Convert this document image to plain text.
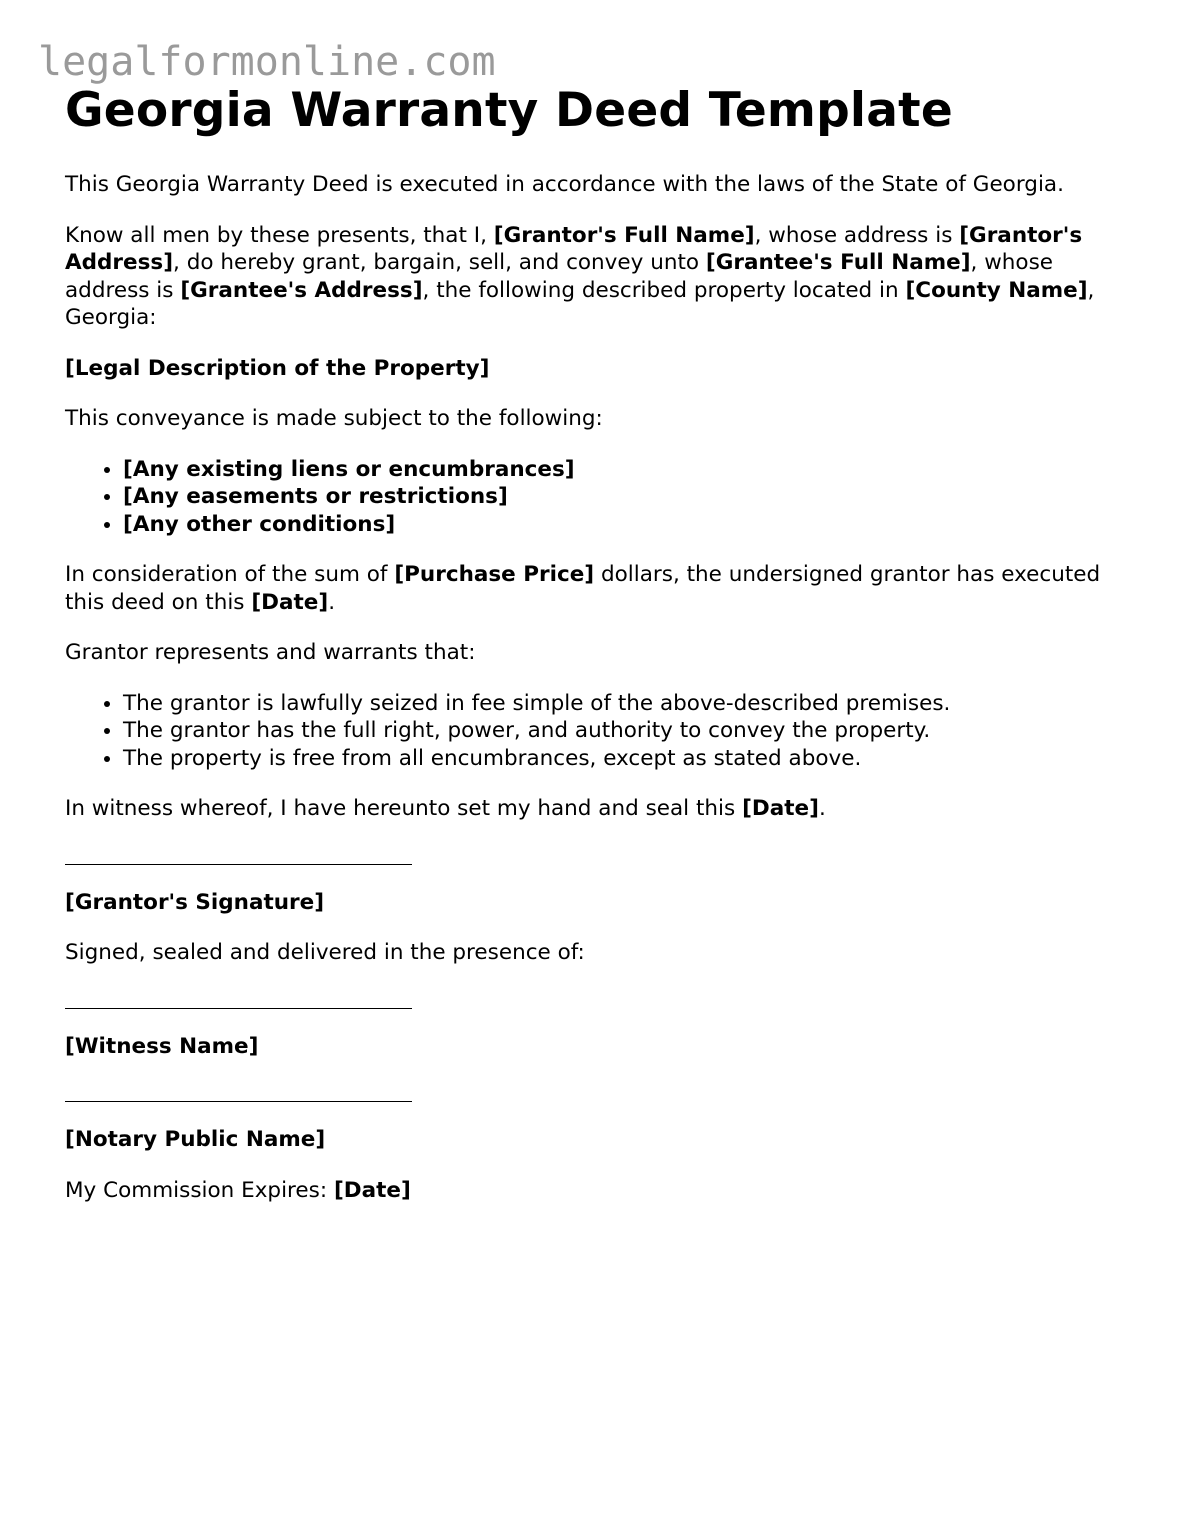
legalformonline.com
Georgia Warranty Deed Template

This Georgia Warranty Deed is executed in accordance with the laws of the State of Georgia.

Know all men by these presents, that I, [Grantor's Full Name], whose address is [Grantor's Address], do hereby grant, bargain, sell, and convey unto [Grantee's Full Name], whose address is [Grantee's Address], the following described property located in [County Name], Georgia:

[Legal Description of the Property]

This conveyance is made subject to the following:

• [Any existing liens or encumbrances]
• [Any easements or restrictions]
• [Any other conditions]

In consideration of the sum of [Purchase Price] dollars, the undersigned grantor has executed this deed on this [Date].

Grantor represents and warrants that:

• The grantor is lawfully seized in fee simple of the above-described premises.
• The grantor has the full right, power, and authority to convey the property.
• The property is free from all encumbrances, except as stated above.

In witness whereof, I have hereunto set my hand and seal this [Date].

[Grantor's Signature]

Signed, sealed and delivered in the presence of:

[Witness Name]

[Notary Public Name]

My Commission Expires: [Date]
